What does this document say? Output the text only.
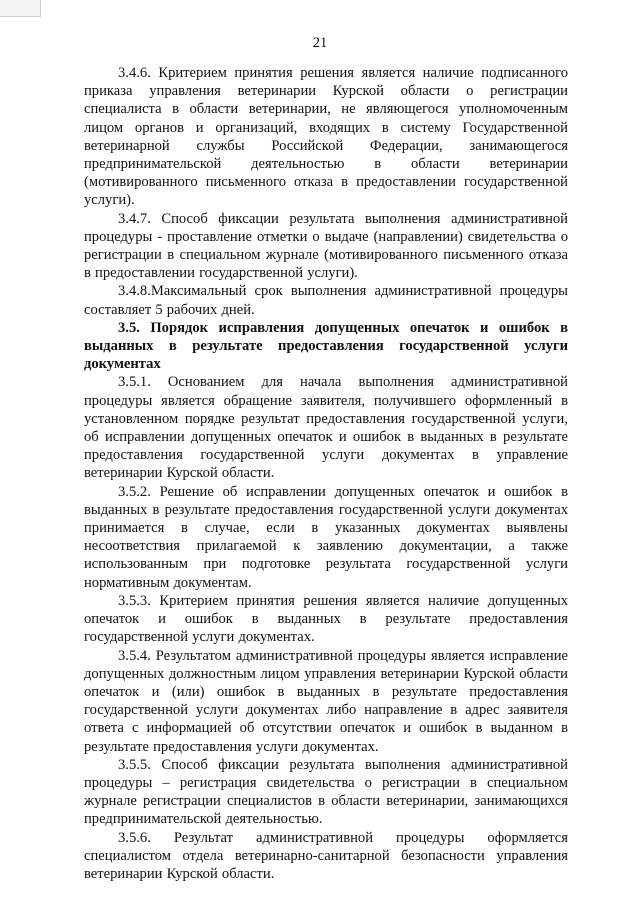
21

3.4.6. Критерием принятия решения является наличие подписанного приказа управления ветеринарии Курской области о регистрации специалиста в области ветеринарии, не являющегося уполномоченным лицом органов и организаций, входящих в систему Государственной ветеринарной службы Российской Федерации, занимающегося предпринимательской деятельностью в области ветеринарии (мотивированного письменного отказа в предоставлении государственной услуги).

3.4.7. Способ фиксации результата выполнения административной процедуры - проставление отметки о выдаче (направлении) свидетельства о регистрации в специальном журнале (мотивированного письменного отказа в предоставлении государственной услуги).

3.4.8.Максимальный срок выполнения административной процедуры составляет 5 рабочих дней.

3.5. Порядок исправления допущенных опечаток и ошибок в выданных в результате предоставления государственной услуги документах

3.5.1. Основанием для начала выполнения административной процедуры является обращение заявителя, получившего оформленный в установленном порядке результат предоставления государственной услуги, об исправлении допущенных опечаток и ошибок в выданных в результате предоставления государственной услуги документах в управление ветеринарии Курской области.

3.5.2. Решение об исправлении допущенных опечаток и ошибок в выданных в результате предоставления государственной услуги документах принимается в случае, если в указанных документах выявлены несоответствия прилагаемой к заявлению документации, а также использованным при подготовке результата государственной услуги нормативным документам.

3.5.3. Критерием принятия решения является наличие допущенных опечаток и ошибок в выданных в результате предоставления государственной услуги документах.

3.5.4. Результатом административной процедуры является исправление допущенных должностным лицом управления ветеринарии Курской области опечаток и (или) ошибок в выданных в результате предоставления государственной услуги документах либо направление в адрес заявителя ответа с информацией об отсутствии опечаток и ошибок в выданном в результате предоставления услуги документах.

3.5.5. Способ фиксации результата выполнения административной процедуры – регистрация свидетельства о регистрации в специальном журнале регистрации специалистов в области ветеринарии, занимающихся предпринимательской деятельностью.

3.5.6. Результат административной процедуры оформляется специалистом отдела ветеринарно-санитарной безопасности управления ветеринарии Курской области.
